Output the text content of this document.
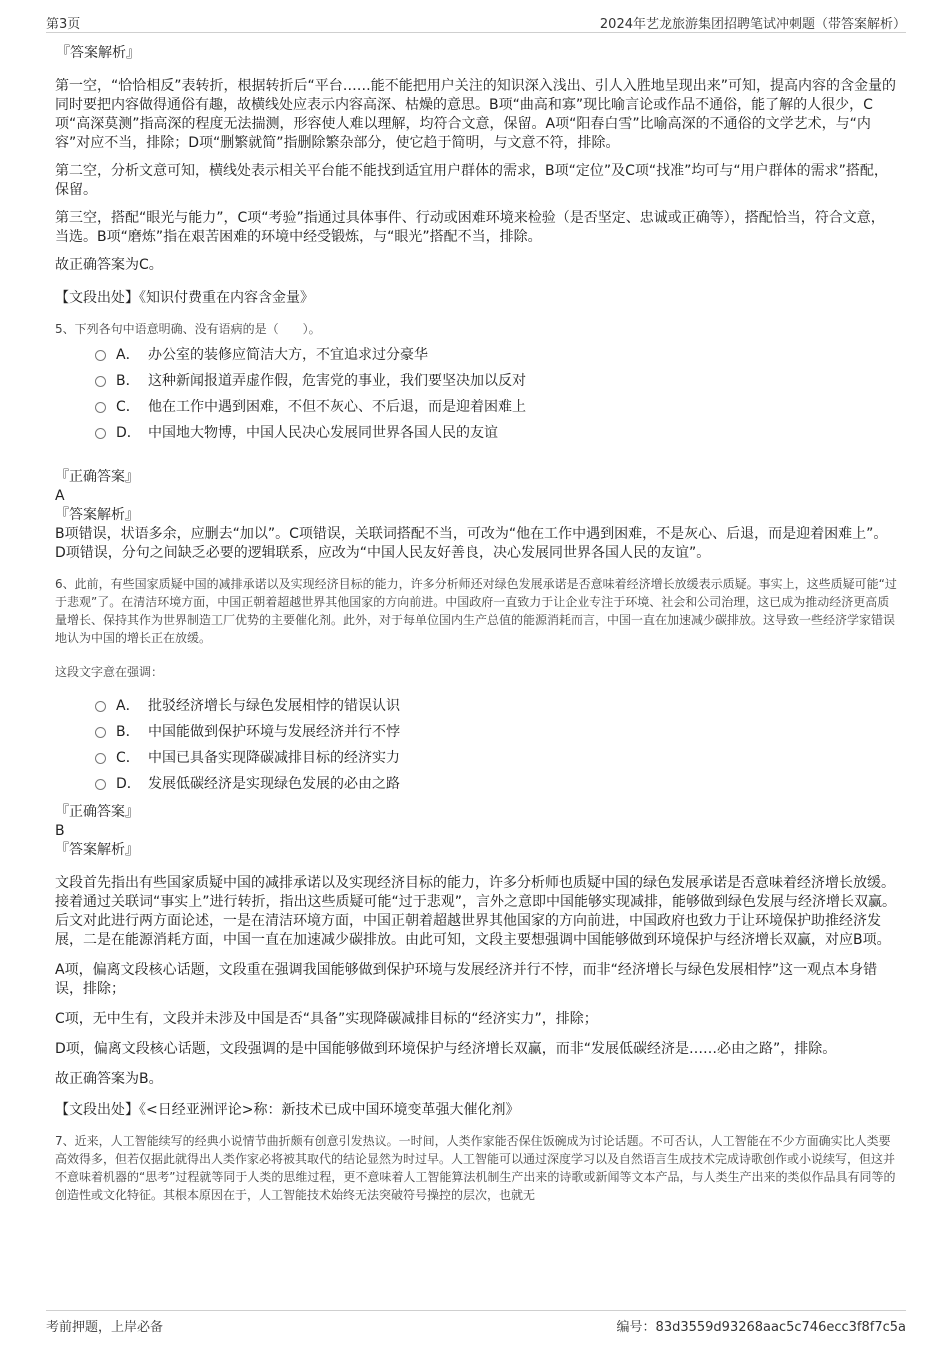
第3页	2024年艺龙旅游集团招聘笔试冲刺题（带答案解析）

『答案解析』

第一空，“恰恰相反”表转折，根据转折后“平台……能不能把用户关注的知识深入浅出、引人入胜地呈现出来”可知，提高内容的含金量的同时要把内容做得通俗有趣，故横线处应表示内容高深、枯燥的意思。B项“曲高和寡”现比喻言论或作品不通俗，能了解的人很少，C项“高深莫测”指高深的程度无法揣测，形容使人难以理解，均符合文意，保留。A项“阳春白雪”比喻高深的不通俗的文学艺术，与“内容”对应不当，排除；D项“删繁就简”指删除繁杂部分，使它趋于简明，与文意不符，排除。

第二空，分析文意可知，横线处表示相关平台能不能找到适宜用户群体的需求，B项“定位”及C项“找准”均可与“用户群体的需求”搭配，保留。

第三空，搭配“眼光与能力”，C项“考验”指通过具体事件、行动或困难环境来检验（是否坚定、忠诚或正确等），搭配恰当，符合文意，当选。B项“磨炼”指在艰苦困难的环境中经受锻炼，与“眼光”搭配不当，排除。

故正确答案为C。

【文段出处】《知识付费重在内容含金量》

5、下列各句中语意明确、没有语病的是（　　）。

A． 办公室的装修应简洁大方，不宜追求过分豪华
B． 这种新闻报道弄虚作假，危害党的事业，我们要坚决加以反对
C． 他在工作中遇到困难，不但不灰心、不后退，而是迎着困难上
D． 中国地大物博，中国人民决心发展同世界各国人民的友谊

『正确答案』

A

『答案解析』

B项错误，状语多余，应删去“加以”。C项错误，关联词搭配不当，可改为“他在工作中遇到困难，不是灰心、后退，而是迎着困难上”。D项错误，分句之间缺乏必要的逻辑联系，应改为“中国人民友好善良，决心发展同世界各国人民的友谊”。

6、此前，有些国家质疑中国的减排承诺以及实现经济目标的能力，许多分析师还对绿色发展承诺是否意味着经济增长放缓表示质疑。事实上，这些质疑可能“过于悲观”了。在清洁环境方面，中国正朝着超越世界其他国家的方向前进。中国政府一直致力于让企业专注于环境、社会和公司治理，这已成为推动经济更高质量增长、保持其作为世界制造工厂优势的主要催化剂。此外，对于每单位国内生产总值的能源消耗而言，中国一直在加速减少碳排放。这导致一些经济学家错误地认为中国的增长正在放缓。

这段文字意在强调：

A． 批驳经济增长与绿色发展相悖的错误认识
B． 中国能做到保护环境与发展经济并行不悖
C． 中国已具备实现降碳减排目标的经济实力
D． 发展低碳经济是实现绿色发展的必由之路

『正确答案』

B

『答案解析』

文段首先指出有些国家质疑中国的减排承诺以及实现经济目标的能力，许多分析师也质疑中国的绿色发展承诺是否意味着经济增长放缓。接着通过关联词“事实上”进行转折，指出这些质疑可能“过于悲观”，言外之意即中国能够实现减排，能够做到绿色发展与经济增长双赢。后文对此进行两方面论述，一是在清洁环境方面，中国正朝着超越世界其他国家的方向前进，中国政府也致力于让环境保护助推经济发展，二是在能源消耗方面，中国一直在加速减少碳排放。由此可知，文段主要想强调中国能够做到环境保护与经济增长双赢，对应B项。

A项，偏离文段核心话题，文段重在强调我国能够做到保护环境与发展经济并行不悖，而非“经济增长与绿色发展相悖”这一观点本身错误，排除；

C项，无中生有，文段并未涉及中国是否“具备”实现降碳减排目标的“经济实力”，排除；

D项，偏离文段核心话题，文段强调的是中国能够做到环境保护与经济增长双赢，而非“发展低碳经济是……必由之路”，排除。

故正确答案为B。

【文段出处】《<日经亚洲评论>称：新技术已成中国环境变革强大催化剂》

7、近来，人工智能续写的经典小说情节曲折颇有创意引发热议。一时间，人类作家能否保住饭碗成为讨论话题。不可否认，人工智能在不少方面确实比人类要高效得多，但若仅据此就得出人类作家必将被其取代的结论显然为时过早。人工智能可以通过深度学习以及自然语言生成技术完成诗歌创作或小说续写，但这并不意味着机器的“思考”过程就等同于人类的思维过程，更不意味着人工智能算法机制生产出来的诗歌或新闻等文本产品，与人类生产出来的类似作品具有同等的创造性或文化特征。其根本原因在于，人工智能技术始终无法突破符号操控的层次，也就无

考前押题，上岸必备	编号：83d3559d93268aac5c746ecc3f8f7c5a
